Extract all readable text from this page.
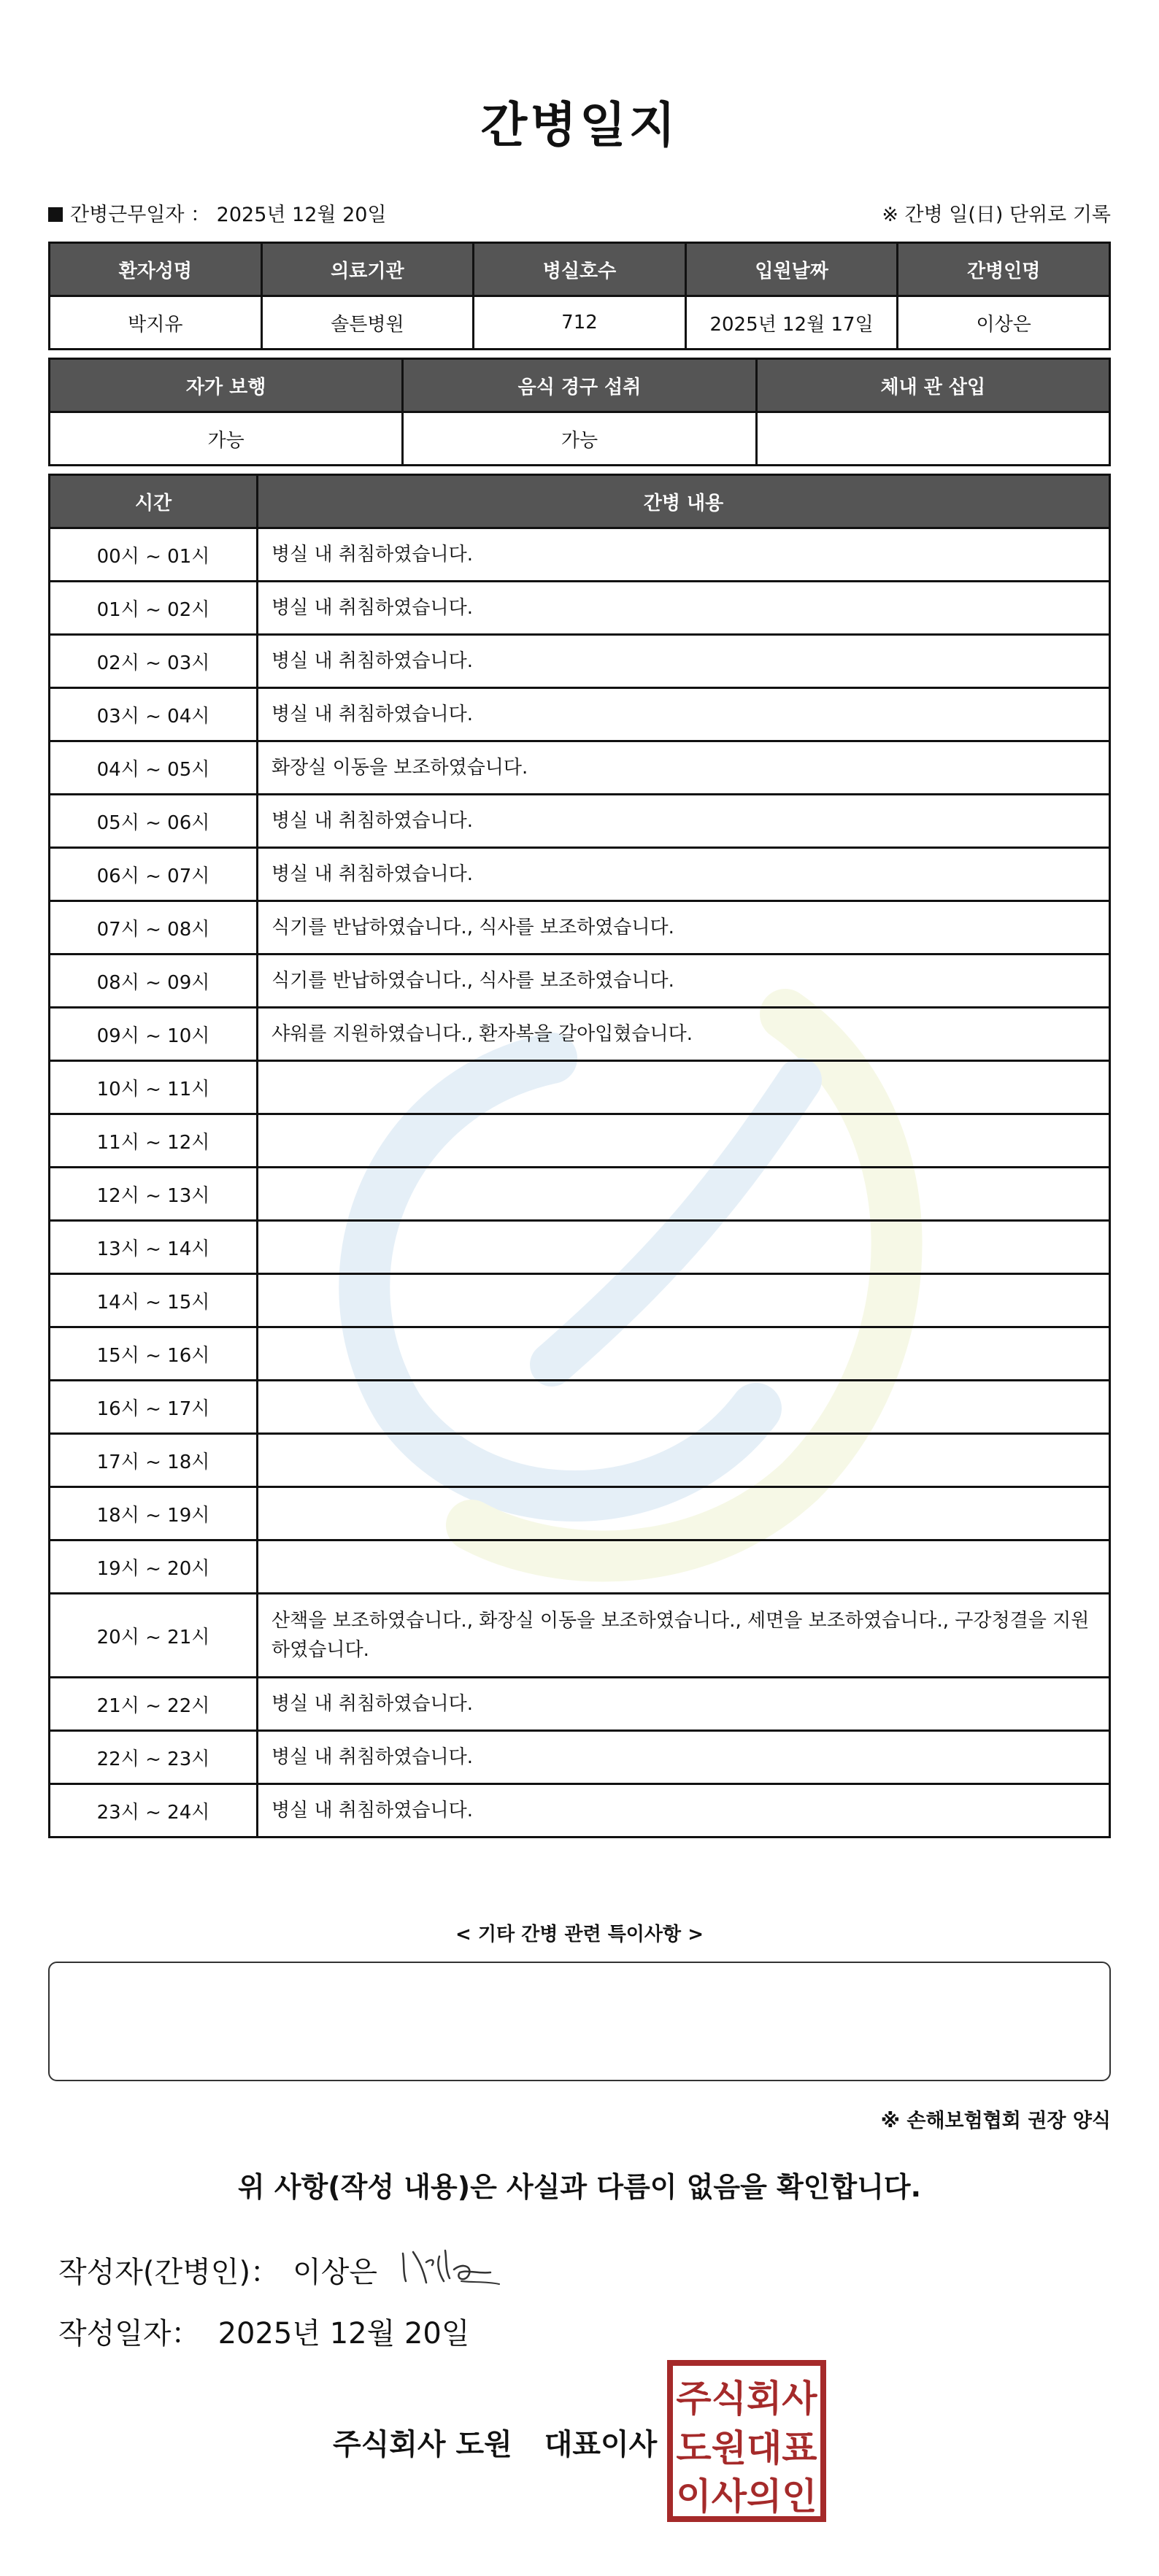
간병일지
간병근무일자 ： 2025년 12월 20일	※ 간병 일(日) 단위로 기록
환자성명	의료기관	병실호수	입원날짜	간병인명
박지유	솔튼병원	712	2025년 12월 17일	이상은
자가 보행	음식 경구 섭취	체내 관 삽입
가능	가능	
시간	간병 내용
00시 ~ 01시	병실 내 취침하였습니다.
01시 ~ 02시	병실 내 취침하였습니다.
02시 ~ 03시	병실 내 취침하였습니다.
03시 ~ 04시	병실 내 취침하였습니다.
04시 ~ 05시	화장실 이동을 보조하였습니다.
05시 ~ 06시	병실 내 취침하였습니다.
06시 ~ 07시	병실 내 취침하였습니다.
07시 ~ 08시	식기를 반납하였습니다., 식사를 보조하였습니다.
08시 ~ 09시	식기를 반납하였습니다., 식사를 보조하였습니다.
09시 ~ 10시	샤워를 지원하였습니다., 환자복을 갈아입혔습니다.
10시 ~ 11시	
11시 ~ 12시	
12시 ~ 13시	
13시 ~ 14시	
14시 ~ 15시	
15시 ~ 16시	
16시 ~ 17시	
17시 ~ 18시	
18시 ~ 19시	
19시 ~ 20시	
20시 ~ 21시	산책을 보조하였습니다., 화장실 이동을 보조하였습니다., 세면을 보조하였습니다., 구강청결을 지원하였습니다.
21시 ~ 22시	병실 내 취침하였습니다.
22시 ~ 23시	병실 내 취침하였습니다.
23시 ~ 24시	병실 내 취침하였습니다.
< 기타 간병 관련 특이사항 >
※ 손해보험협회 권장 양식
위 사항(작성 내용)은 사실과 다름이 없음을 확인합니다.
작성자(간병인)： 이상은
작성일자： 2025년 12월 20일
주식회사 도원 대표이사
주식회사
도원대표
이사의인
